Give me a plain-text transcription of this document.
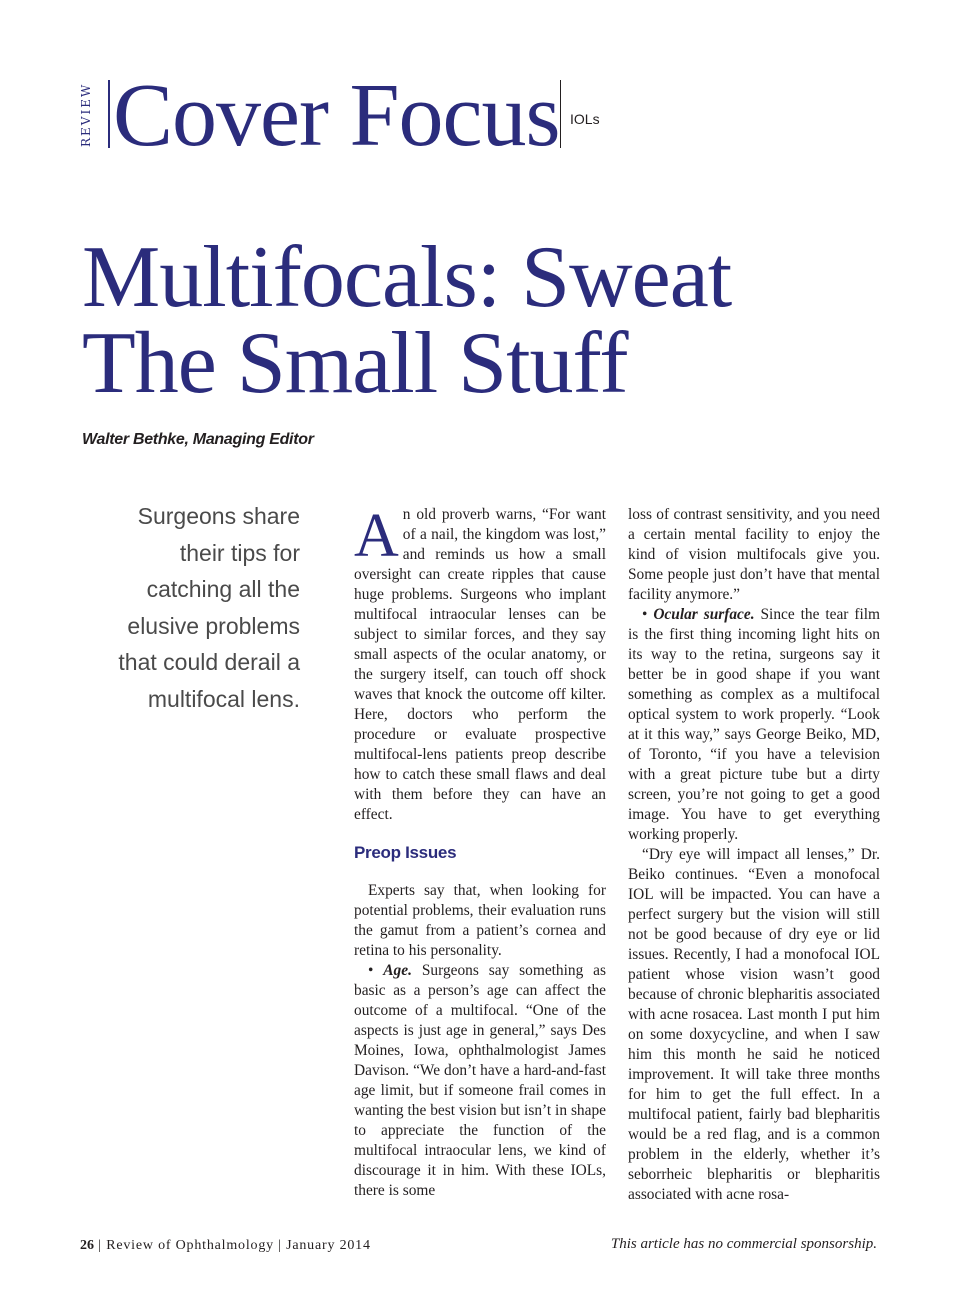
REVIEW Cover Focus IOLs
Multifocals: Sweat
The Small Stuff
Walter Bethke, Managing Editor
Surgeons share their tips for catching all the elusive problems that could derail a multifocal lens.

An old proverb warns, “For want of a nail, the kingdom was lost,” and reminds us how a small oversight can create ripples that cause huge problems. Surgeons who implant multifocal intraocular lenses can be subject to similar forces, and they say small aspects of the ocular anatomy, or the surgery itself, can touch off shock waves that knock the outcome off kilter. Here, doctors who perform the procedure or evaluate prospective multifocal-lens patients preop describe how to catch these small flaws and deal with them before they can have an effect.

Preop Issues

Experts say that, when looking for potential problems, their evaluation runs the gamut from a patient’s cornea and retina to his personality.

• Age. Surgeons say something as basic as a person’s age can affect the outcome of a multifocal. “One of the aspects is just age in general,” says Des Moines, Iowa, ophthalmologist James Davison. “We don’t have a hard-and-fast age limit, but if someone frail comes in wanting the best vision but isn’t in shape to appreciate the function of the multifocal intraocular lens, we kind of discourage it in him. With these IOLs, there is some

loss of contrast sensitivity, and you need a certain mental facility to enjoy the kind of vision multifocals give you. Some people just don’t have that mental facility anymore.”

• Ocular surface. Since the tear film is the first thing incoming light hits on its way to the retina, surgeons say it better be in good shape if you want something as complex as a multifocal optical system to work properly. “Look at it this way,” says George Beiko, MD, of Toronto, “if you have a television with a great picture tube but a dirty screen, you’re not going to get a good image. You have to get everything working properly.

“Dry eye will impact all lenses,” Dr. Beiko continues. “Even a monofocal IOL will be impacted. You can have a perfect surgery but the vision will still not be good because of dry eye or lid issues. Recently, I had a monofocal IOL patient whose vision wasn’t good because of chronic blepharitis associated with acne rosacea. Last month I put him on some doxycycline, and when I saw him this month he said he noticed improvement. It will take three months for him to get the full effect. In a multifocal patient, fairly bad blepharitis would be a red flag, and is a common problem in the elderly, whether it’s seborrheic blepharitis or blepharitis associated with acne rosa-

26 | Review of Ophthalmology | January 2014	This article has no commercial sponsorship.
